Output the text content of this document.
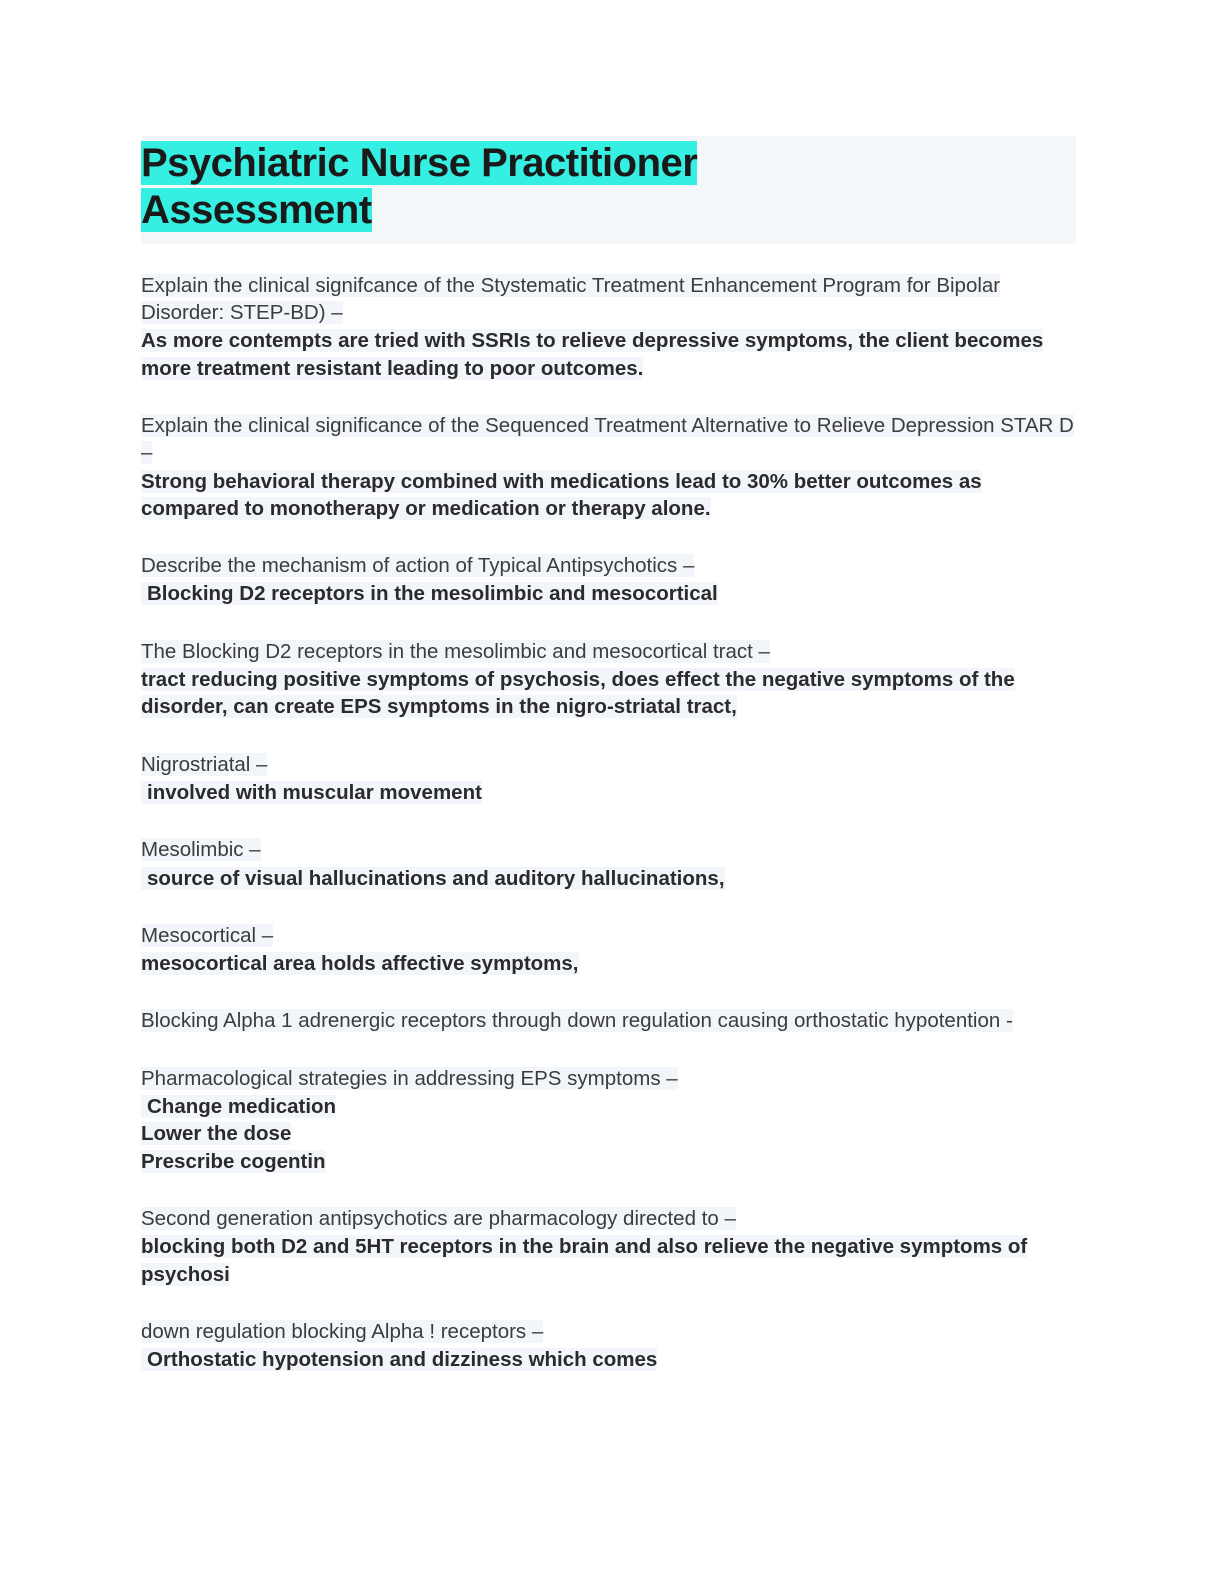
Psychiatric Nurse Practitioner
Assessment
Explain the clinical signifcance of the Stystematic Treatment Enhancement Program for Bipolar Disorder: STEP-BD) –
As more contempts are tried with SSRIs to relieve depressive symptoms, the client becomes more treatment resistant leading to poor outcomes.
Explain the clinical significance of the Sequenced Treatment Alternative to Relieve Depression STAR D –
Strong behavioral therapy combined with medications lead to 30% better outcomes as compared to monotherapy or medication or therapy alone.
Describe the mechanism of action of Typical Antipsychotics –
Blocking D2 receptors in the mesolimbic and mesocortical
The Blocking D2 receptors in the mesolimbic and mesocortical tract –
tract reducing positive symptoms of psychosis, does effect the negative symptoms of the disorder, can create EPS symptoms in the nigro-striatal tract,
Nigrostriatal –
involved with muscular movement
Mesolimbic –
source of visual hallucinations and auditory hallucinations,
Mesocortical –
mesocortical area holds affective symptoms,
Blocking Alpha 1 adrenergic receptors through down regulation causing orthostatic hypotention -
Pharmacological strategies in addressing EPS symptoms –
Change medication
Lower the dose
Prescribe cogentin
Second generation antipsychotics are pharmacology directed to –
blocking both D2 and 5HT receptors in the brain and also relieve the negative symptoms of psychosi
down regulation blocking Alpha ! receptors –
Orthostatic hypotension and dizziness which comes
